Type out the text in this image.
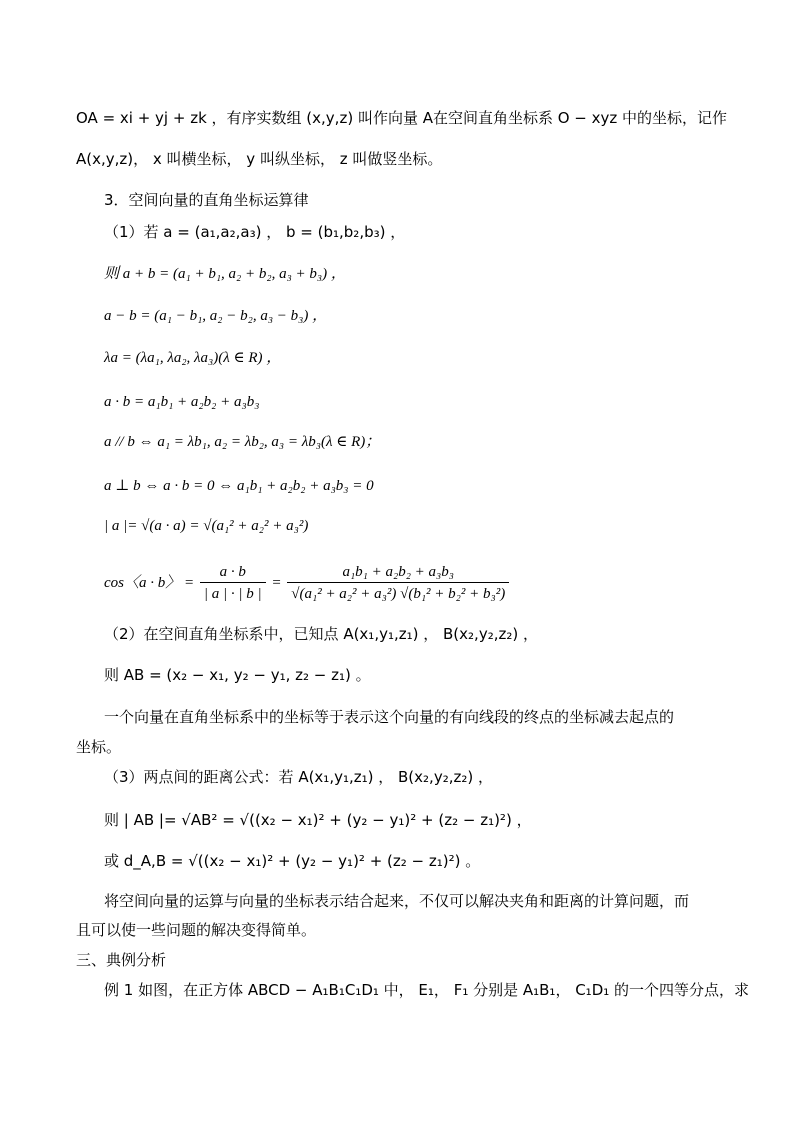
OA = xi + yj + zk ，有序实数组 (x,y,z) 叫作向量 A在空间直角坐标系 O − xyz 中的坐标，记作
A(x,y,z)， x 叫横坐标， y 叫纵坐标， z 叫做竖坐标。
3．空间向量的直角坐标运算律
（1）若 a = (a₁,a₂,a₃) ， b = (b₁,b₂,b₃) ，
则 a + b = (a₁ + b₁, a₂ + b₂, a₃ + b₃) ，
a − b = (a₁ − b₁, a₂ − b₂, a₃ − b₃) ，
λa = (λa₁, λa₂, λa₃)(λ ∈ R) ，
a · b = a₁b₁ + a₂b₂ + a₃b₃
a // b ⇔ a₁ = λb₁, a₂ = λb₂, a₃ = λb₃(λ ∈ R)；
a ⊥ b ⇔ a · b = 0 ⇔ a₁b₁ + a₂b₂ + a₃b₃ = 0
| a |= √(a · a) = √(a₁² + a₂² + a₃²)
cos〈a · b〉 = $\frac{a \cdot b}{| a | \cdot | b |} = \frac{\text{a₁b₁ + a₂b₂ + a₃b₃}}{\text{√(a₁² + a₂² + a₃²) √(b₁² + b₂² + b₃²)}}$
（2）在空间直角坐标系中，已知点 A(x₁,y₁,z₁) ， B(x₂,y₂,z₂) ，
则 AB = (x₂ − x₁, y₂ − y₁, z₂ − z₁) 。
一个向量在直角坐标系中的坐标等于表示这个向量的有向线段的终点的坐标减去起点的
坐标。
（3）两点间的距离公式：若 A(x₁,y₁,z₁) ， B(x₂,y₂,z₂) ，
则 | AB |= √AB² = √((x₂ − x₁)² + (y₂ − y₁)² + (z₂ − z₁)²) ，
或 d_A,B = √((x₂ − x₁)² + (y₂ − y₁)² + (z₂ − z₁)²) 。
将空间向量的运算与向量的坐标表示结合起来，不仅可以解决夹角和距离的计算问题，而
且可以使一些问题的解决变得简单。
三、典例分析
例 1 如图，在正方体 ABCD − A₁B₁C₁D₁ 中， E₁， F₁ 分别是 A₁B₁， C₁D₁ 的一个四等分点，求
